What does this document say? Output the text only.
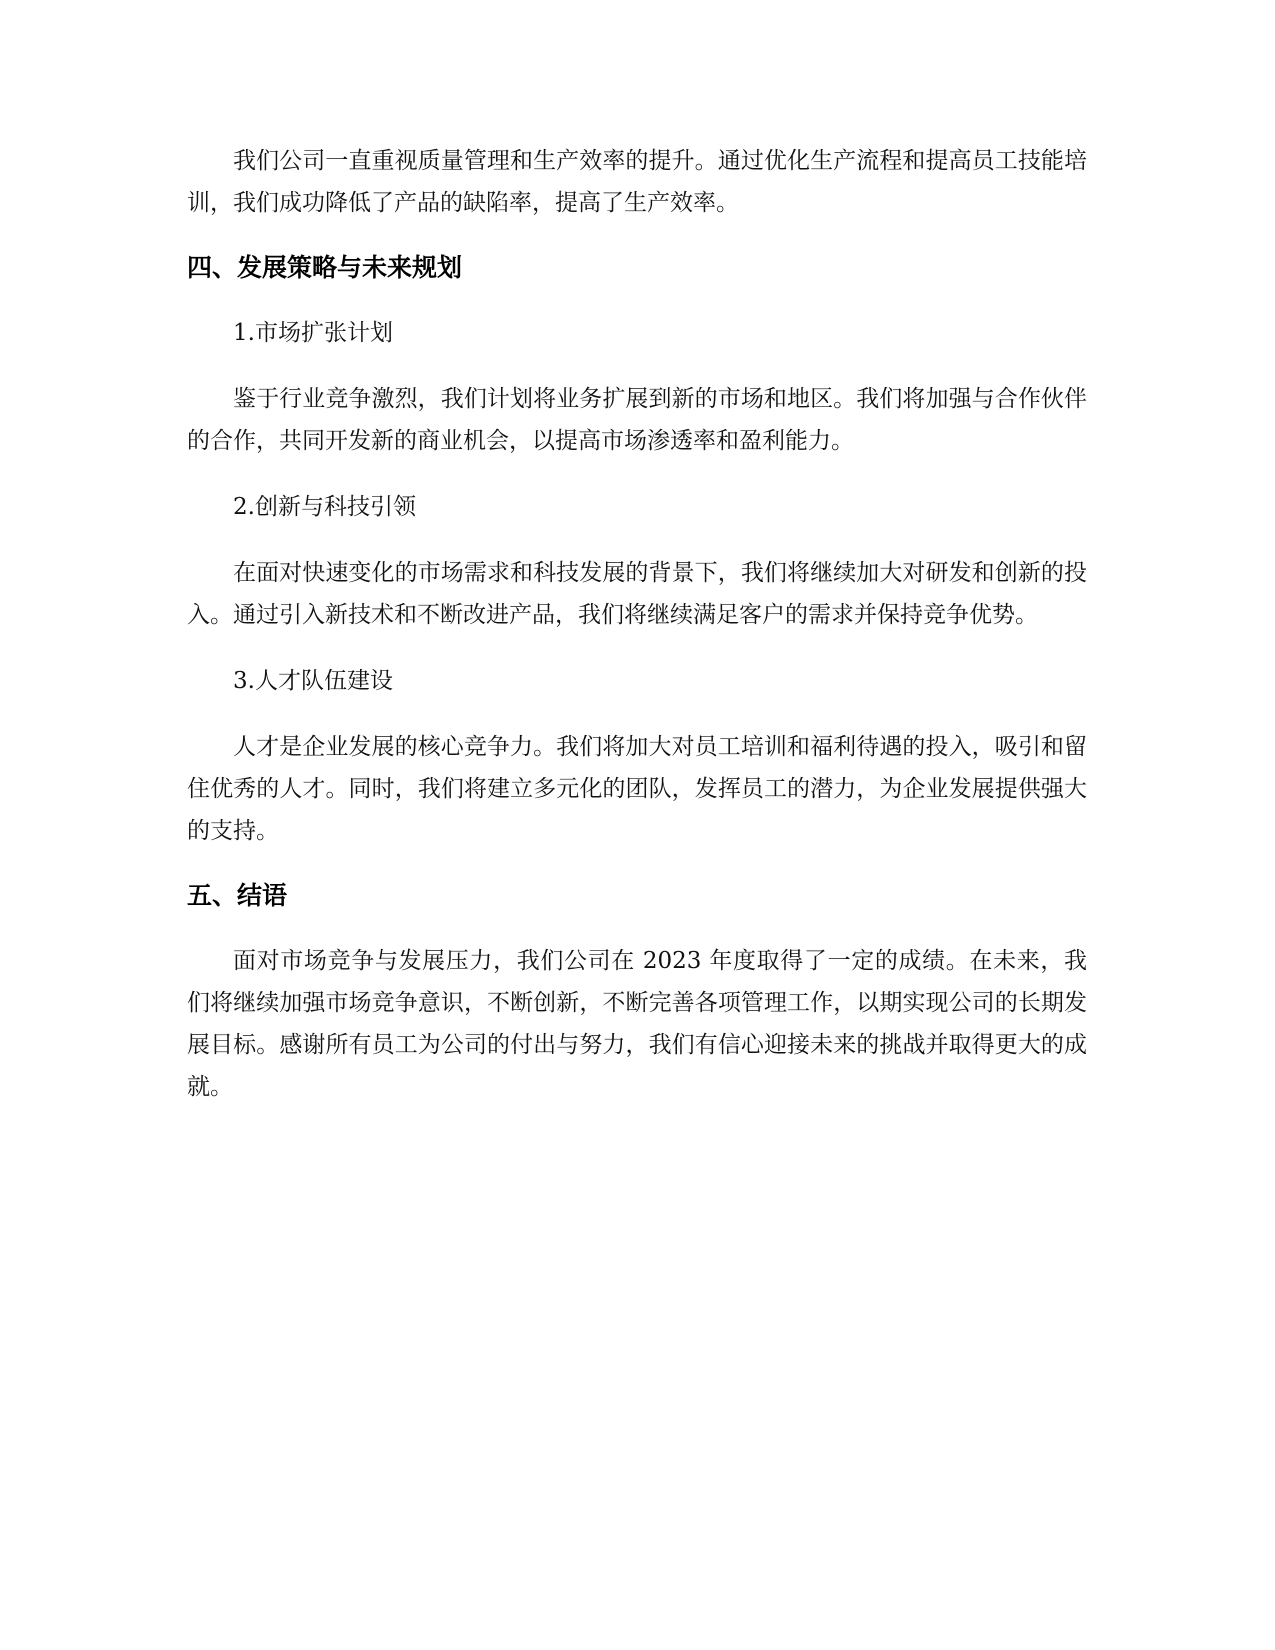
我们公司一直重视质量管理和生产效率的提升。通过优化生产流程和提高员工技能培训，我们成功降低了产品的缺陷率，提高了生产效率。

四、发展策略与未来规划

1.市场扩张计划

鉴于行业竞争激烈，我们计划将业务扩展到新的市场和地区。我们将加强与合作伙伴的合作，共同开发新的商业机会，以提高市场渗透率和盈利能力。

2.创新与科技引领

在面对快速变化的市场需求和科技发展的背景下，我们将继续加大对研发和创新的投入。通过引入新技术和不断改进产品，我们将继续满足客户的需求并保持竞争优势。

3.人才队伍建设

人才是企业发展的核心竞争力。我们将加大对员工培训和福利待遇的投入，吸引和留住优秀的人才。同时，我们将建立多元化的团队，发挥员工的潜力，为企业发展提供强大的支持。

五、结语

面对市场竞争与发展压力，我们公司在 2023 年度取得了一定的成绩。在未来，我们将继续加强市场竞争意识，不断创新，不断完善各项管理工作，以期实现公司的长期发展目标。感谢所有员工为公司的付出与努力，我们有信心迎接未来的挑战并取得更大的成就。
